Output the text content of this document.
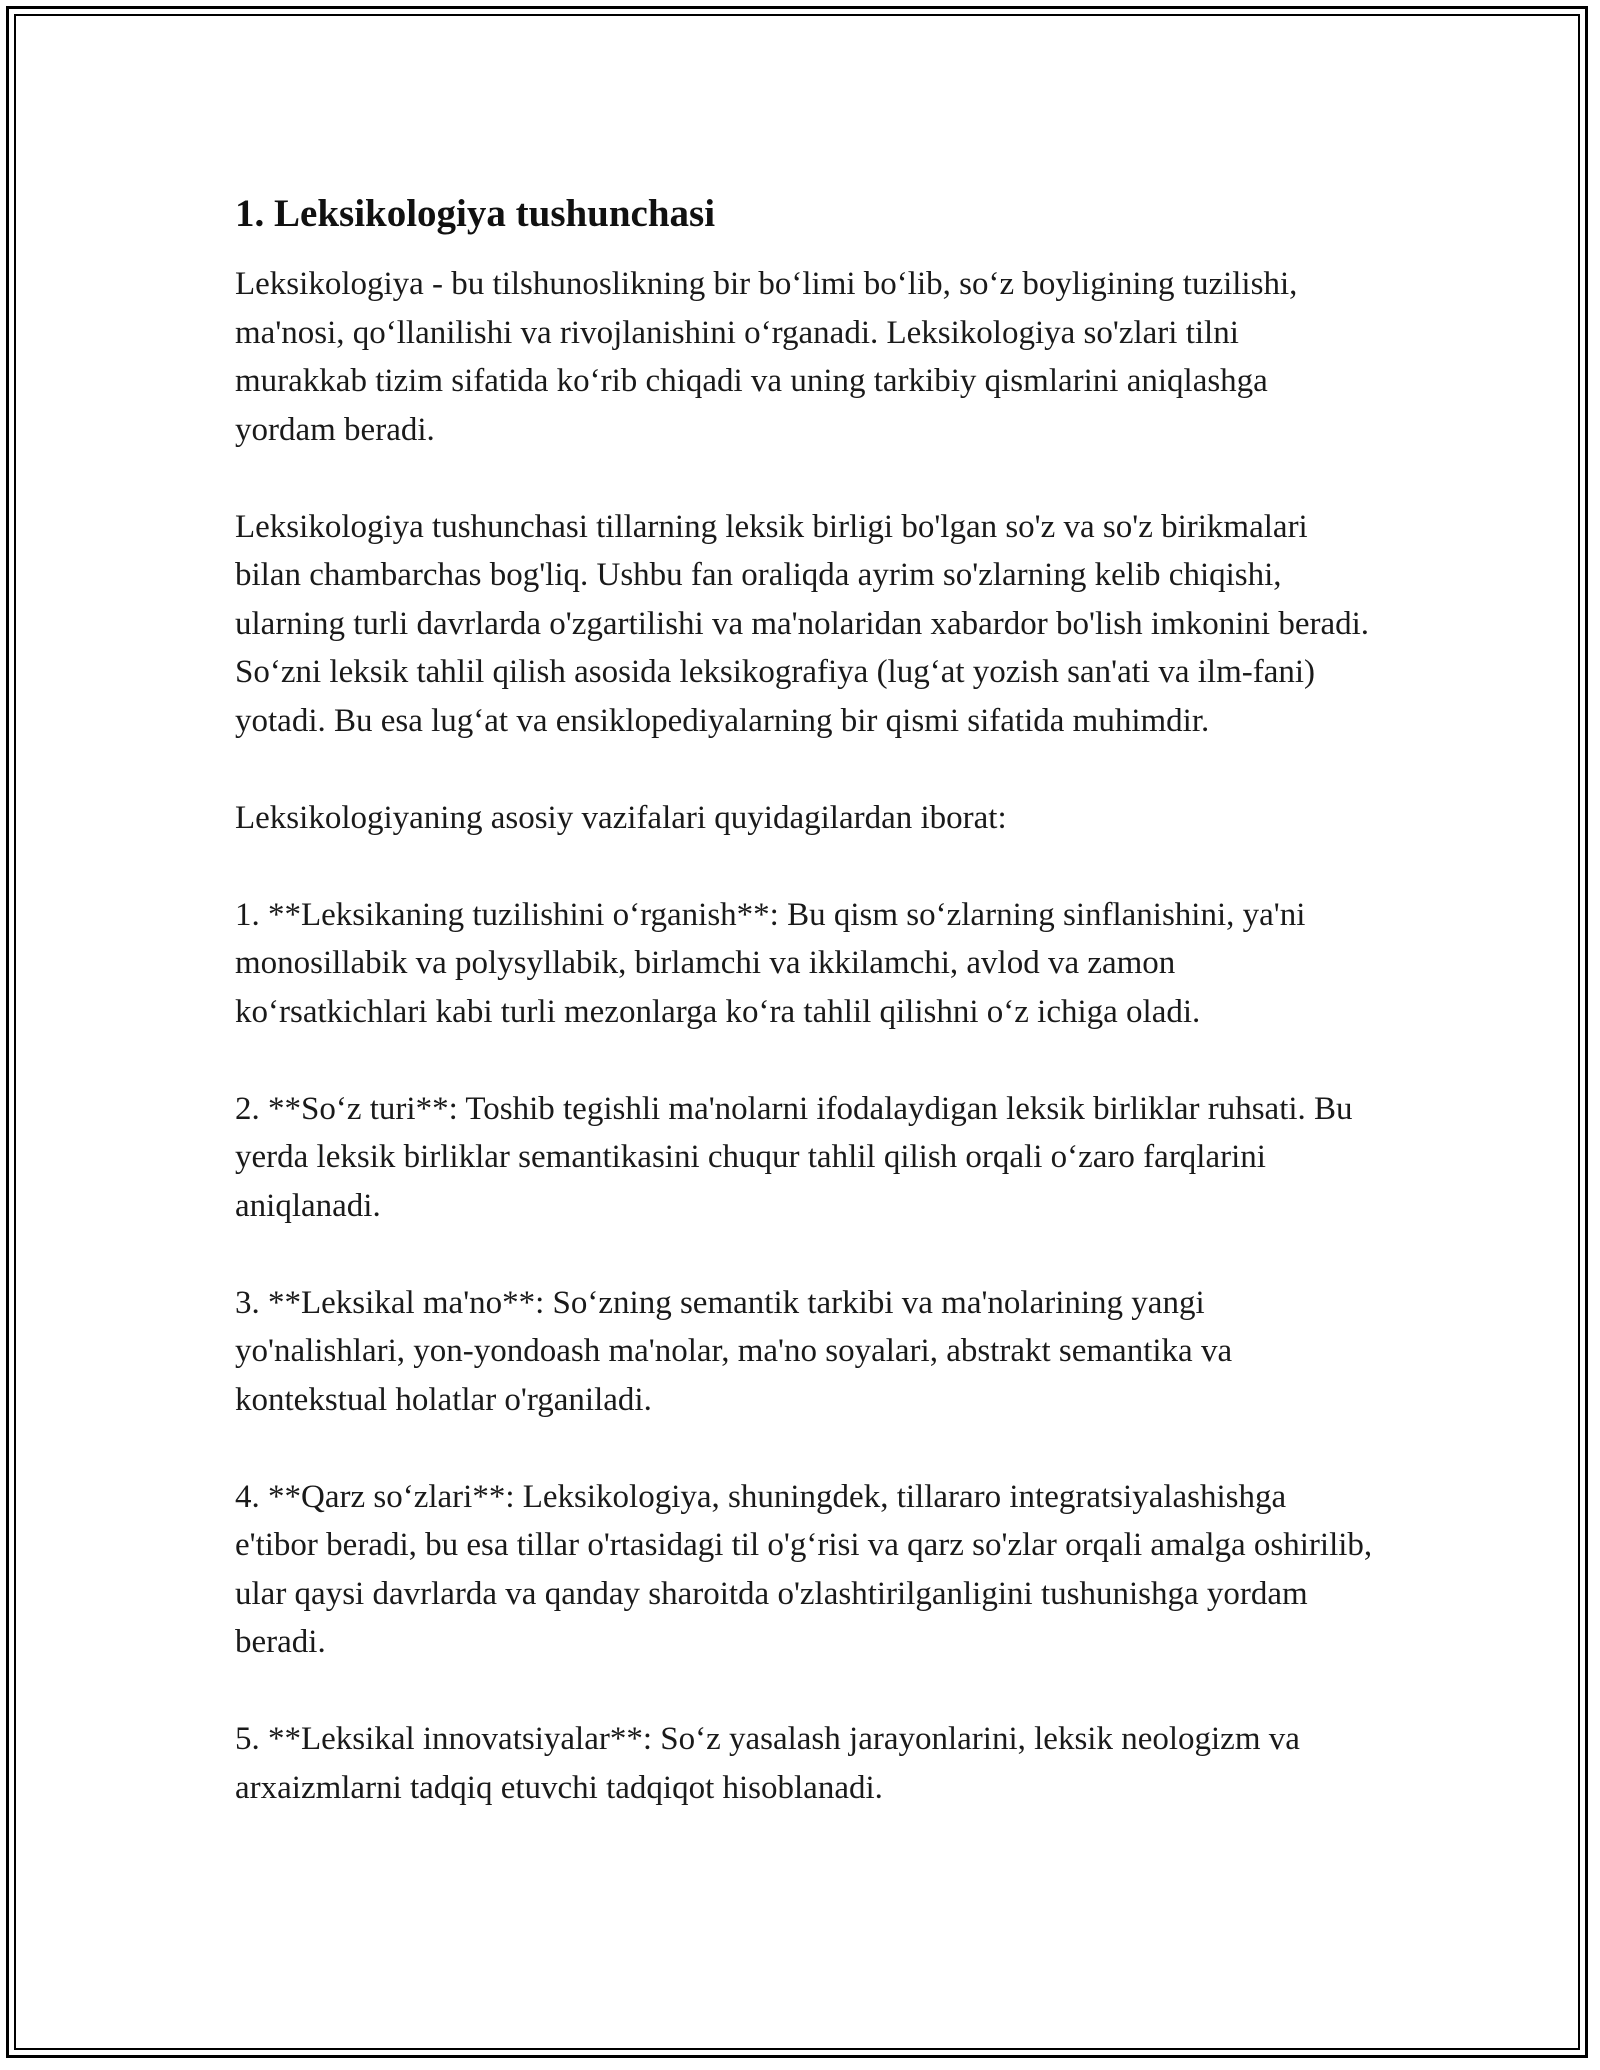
1. Leksikologiya tushunchasi

Leksikologiya - bu tilshunoslikning bir bo‘limi bo‘lib, so‘z boyligining tuzilishi, ma'nosi, qo‘llanilishi va rivojlanishini o‘rganadi. Leksikologiya so'zlari tilni murakkab tizim sifatida ko‘rib chiqadi va uning tarkibiy qismlarini aniqlashga yordam beradi.

Leksikologiya tushunchasi tillarning leksik birligi bo'lgan so'z va so'z birikmalari bilan chambarchas bog'liq. Ushbu fan oraliqda ayrim so'zlarning kelib chiqishi, ularning turli davrlarda o'zgartilishi va ma'nolaridan xabardor bo'lish imkonini beradi. So‘zni leksik tahlil qilish asosida leksikografiya (lug‘at yozish san'ati va ilm-fani) yotadi. Bu esa lug‘at va ensiklopediyalarning bir qismi sifatida muhimdir.

Leksikologiyaning asosiy vazifalari quyidagilardan iborat:

1. **Leksikaning tuzilishini o‘rganish**: Bu qism so‘zlarning sinflanishini, ya'ni monosillabik va polysyllabik, birlamchi va ikkilamchi, avlod va zamon ko‘rsatkichlari kabi turli mezonlarga ko‘ra tahlil qilishni o‘z ichiga oladi.

2. **So‘z turi**: Toshib tegishli ma'nolarni ifodalaydigan leksik birliklar ruhsati. Bu yerda leksik birliklar semantikasini chuqur tahlil qilish orqali o‘zaro farqlarini aniqlanadi.

3. **Leksikal ma'no**: So‘zning semantik tarkibi va ma'nolarining yangi yo'nalishlari, yon-yondoash ma'nolar, ma'no soyalari, abstrakt semantika va kontekstual holatlar o'rganiladi.

4. **Qarz so‘zlari**: Leksikologiya, shuningdek, tillararo integratsiyalashishga e'tibor beradi, bu esa tillar o'rtasidagi til o'g‘risi va qarz so'zlar orqali amalga oshirilib, ular qaysi davrlarda va qanday sharoitda o'zlashtirilganligini tushunishga yordam beradi.

5. **Leksikal innovatsiyalar**: So‘z yasalash jarayonlarini, leksik neologizm va arxaizmlarni tadqiq etuvchi tadqiqot hisoblanadi.
